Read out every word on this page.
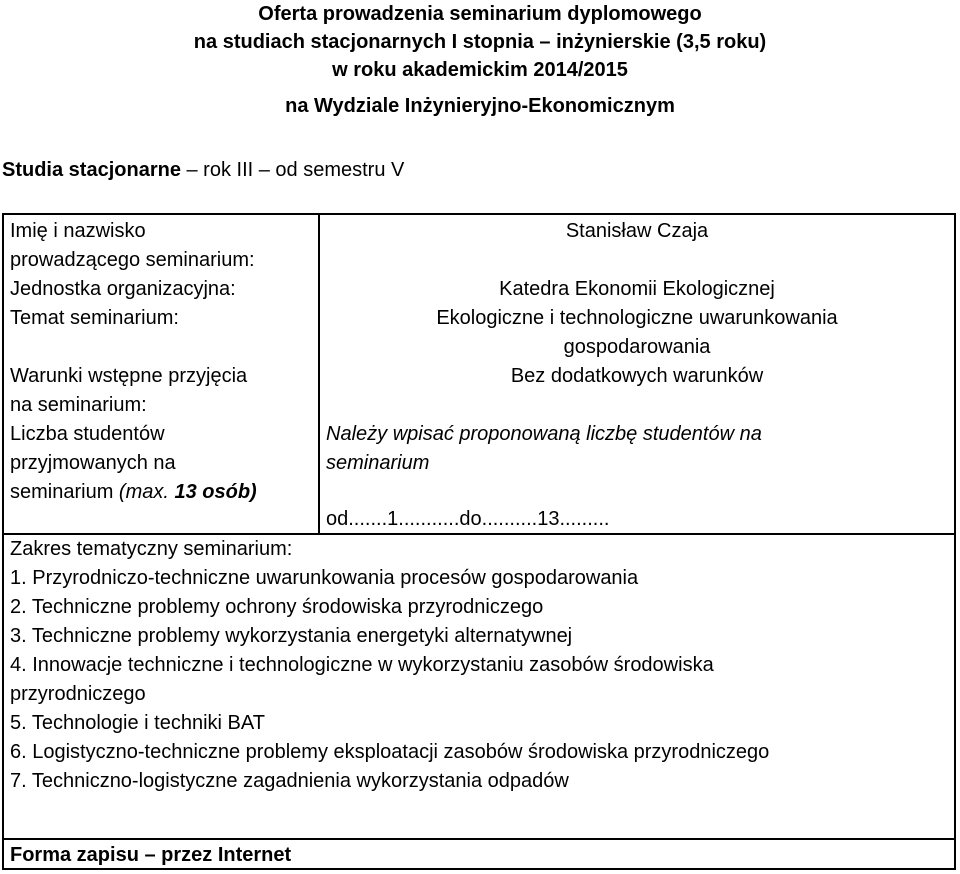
Oferta prowadzenia seminarium dyplomowego
na studiach stacjonarnych I stopnia – inżynierskie (3,5 roku)
w roku akademickim 2014/2015
na Wydziale Inżynieryjno-Ekonomicznym
Studia stacjonarne – rok III – od semestru V
Imię i nazwisko
prowadzącego seminarium:
Stanisław Czaja
Jednostka organizacyjna:	Katedra Ekonomii Ekologicznej
Temat seminarium:	Ekologiczne i technologiczne uwarunkowania
gospodarowania
Warunki wstępne przyjęcia
na seminarium:
Bez dodatkowych warunków
Liczba studentów
przyjmowanych na
seminarium (max. 13 osób)
Należy wpisać proponowaną liczbę studentów na
seminarium
od.......1...........do..........13.........
Zakres tematyczny seminarium:
1. Przyrodniczo-techniczne uwarunkowania procesów gospodarowania
2. Techniczne problemy ochrony środowiska przyrodniczego
3. Techniczne problemy wykorzystania energetyki alternatywnej
4. Innowacje techniczne i technologiczne w wykorzystaniu zasobów środowiska
przyrodniczego
5. Technologie i techniki BAT
6. Logistyczno-techniczne problemy eksploatacji zasobów środowiska przyrodniczego
7. Techniczno-logistyczne zagadnienia wykorzystania odpadów
Forma zapisu – przez Internet
